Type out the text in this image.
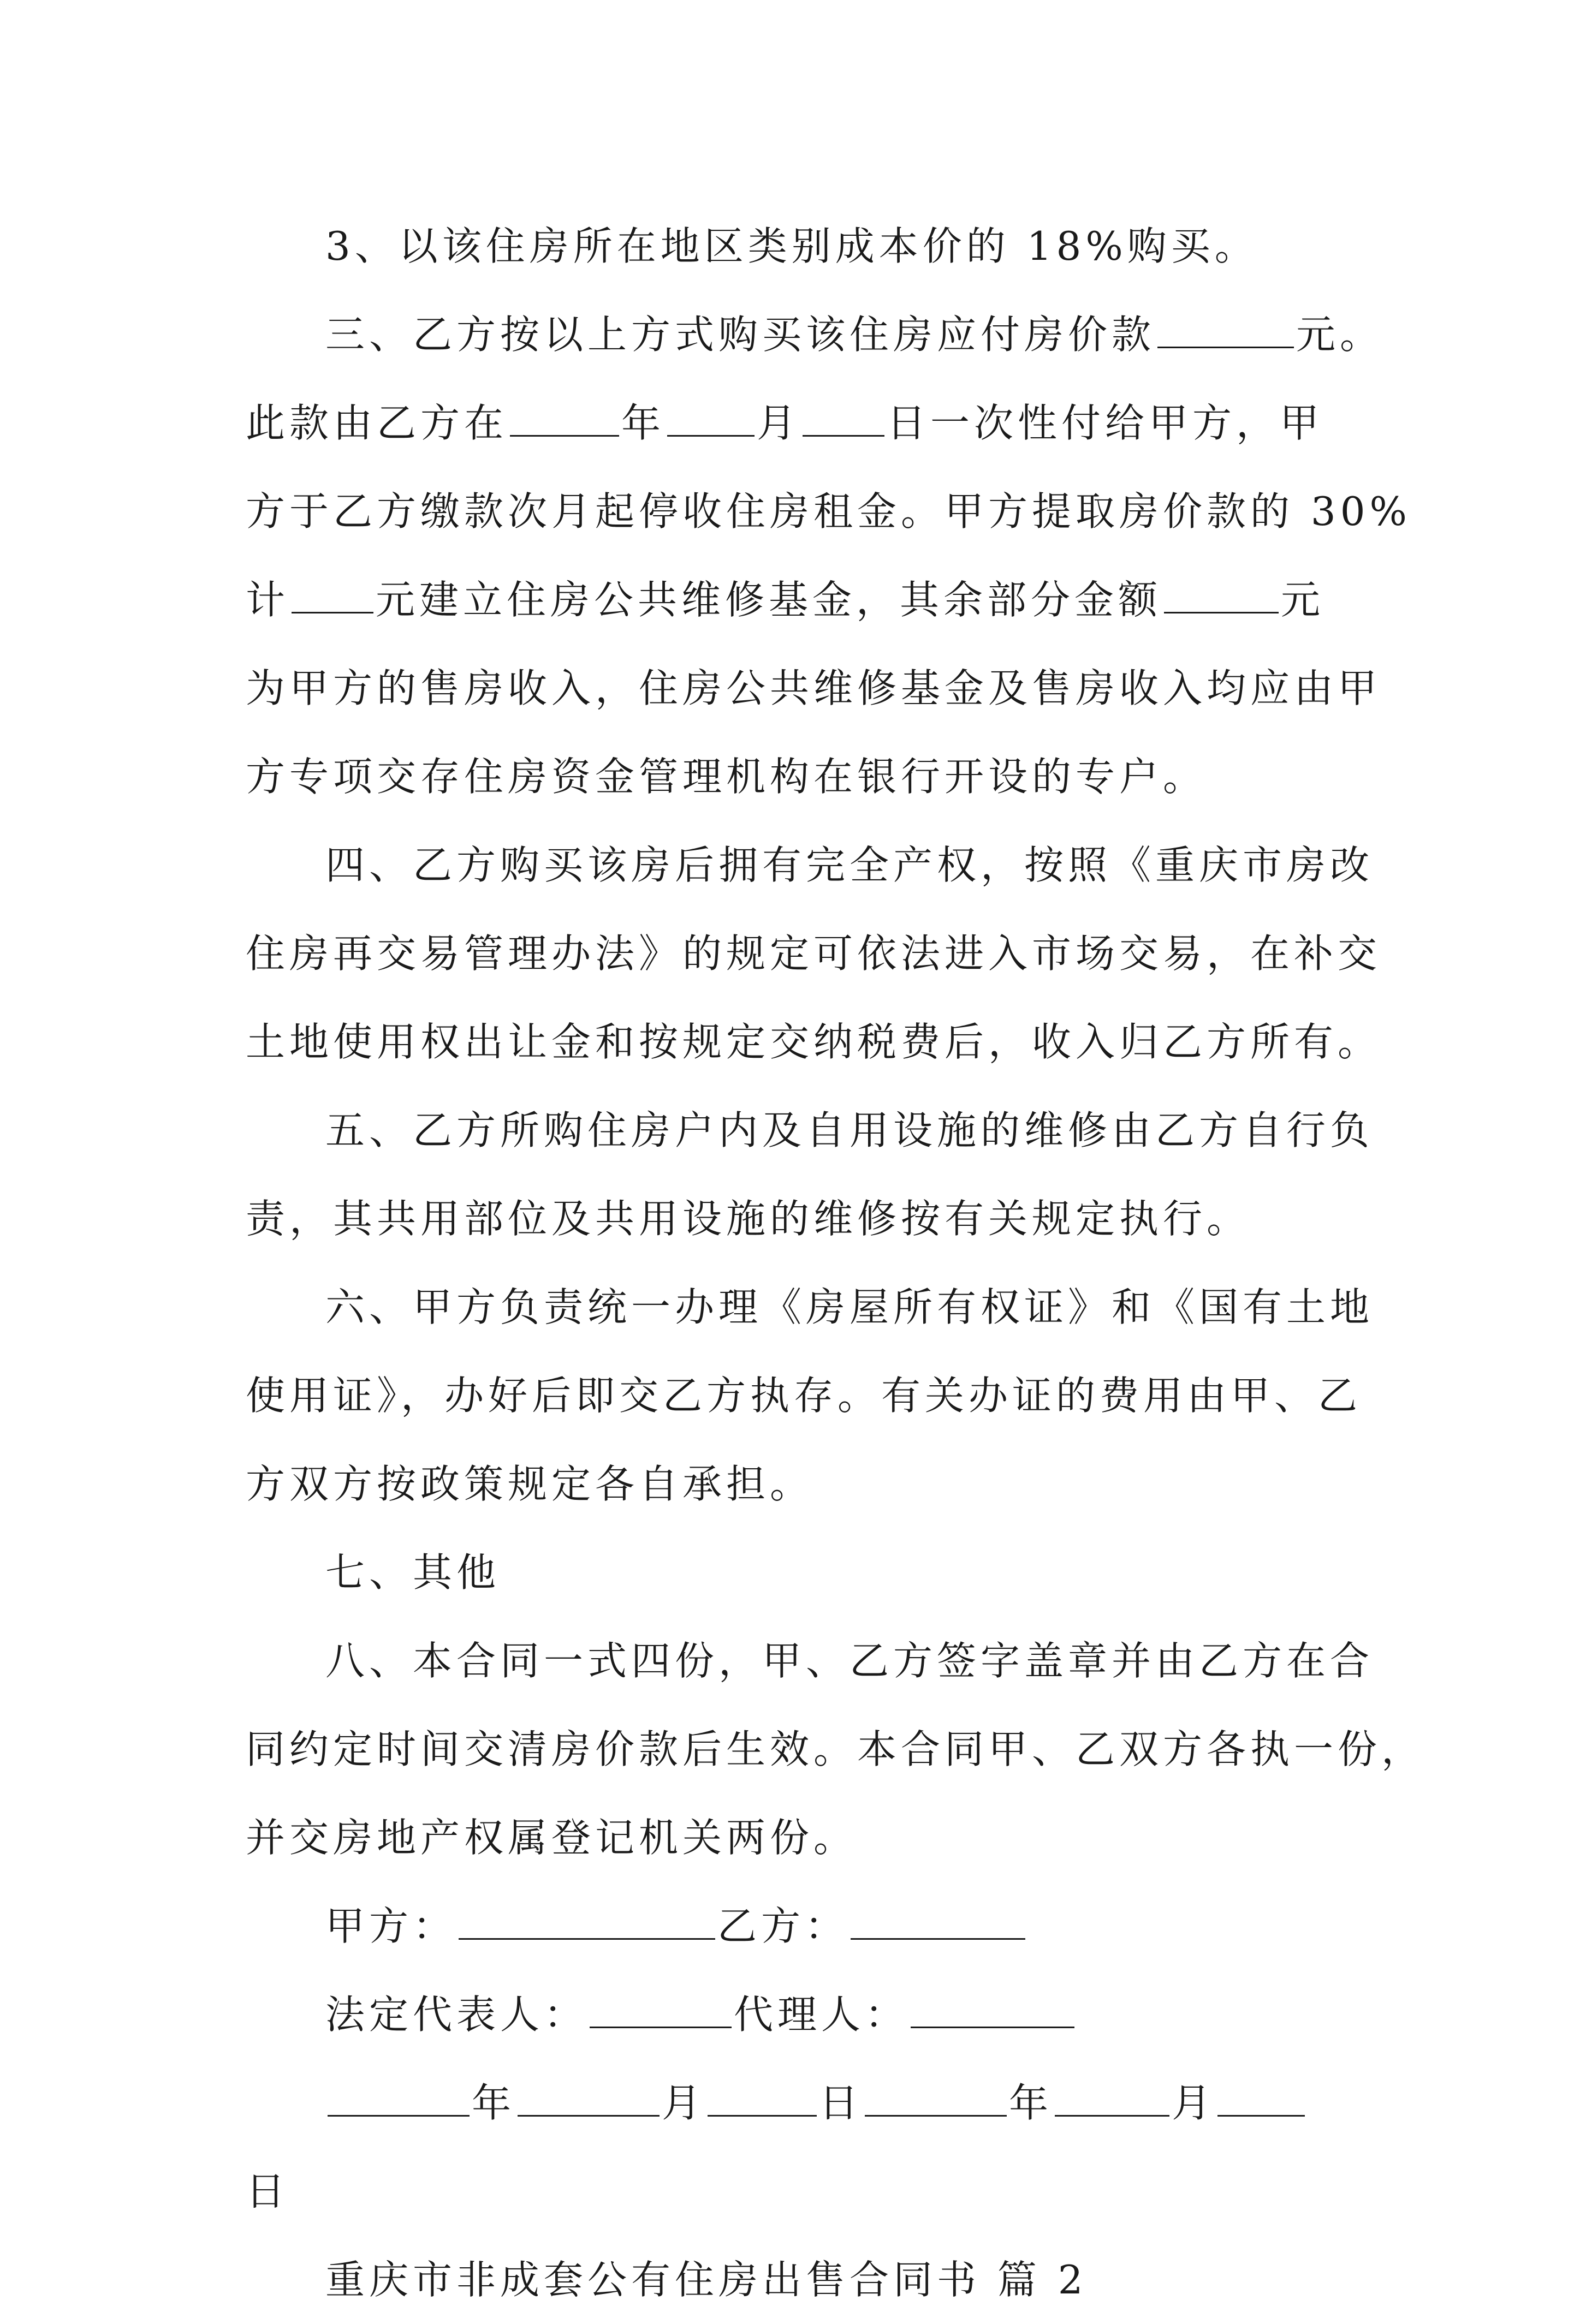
3、以该住房所在地区类别成本价的 18%购买。

三、乙方按以上方式购买该住房应付房价款	元。

此款由乙方在	年 月 日一次性付给甲方，甲

方于乙方缴款次月起停收住房租金。甲方提取房价款的 30%

计 元建立住房公共维修基金，其余部分金额	元

为甲方的售房收入，住房公共维修基金及售房收入均应由甲

方专项交存住房资金管理机构在银行开设的专户。

四、乙方购买该房后拥有完全产权，按照《重庆市房改

住房再交易管理办法》的规定可依法进入市场交易，在补交

土地使用权出让金和按规定交纳税费后，收入归乙方所有。

五、乙方所购住房户内及自用设施的维修由乙方自行负

责，其共用部位及共用设施的维修按有关规定执行。

六、甲方负责统一办理《房屋所有权证》和《国有土地

使用证》，办好后即交乙方执存。有关办证的费用由甲、乙

方双方按政策规定各自承担。

七、其他

八、本合同一式四份，甲、乙方签字盖章并由乙方在合

同约定时间交清房价款后生效。本合同甲、乙双方各执一份，

并交房地产权属登记机关两份。

甲方：	乙方：

法定代表人：	代理人：

年	月	日	年	月

日

重庆市非成套公有住房出售合同书 篇 2
